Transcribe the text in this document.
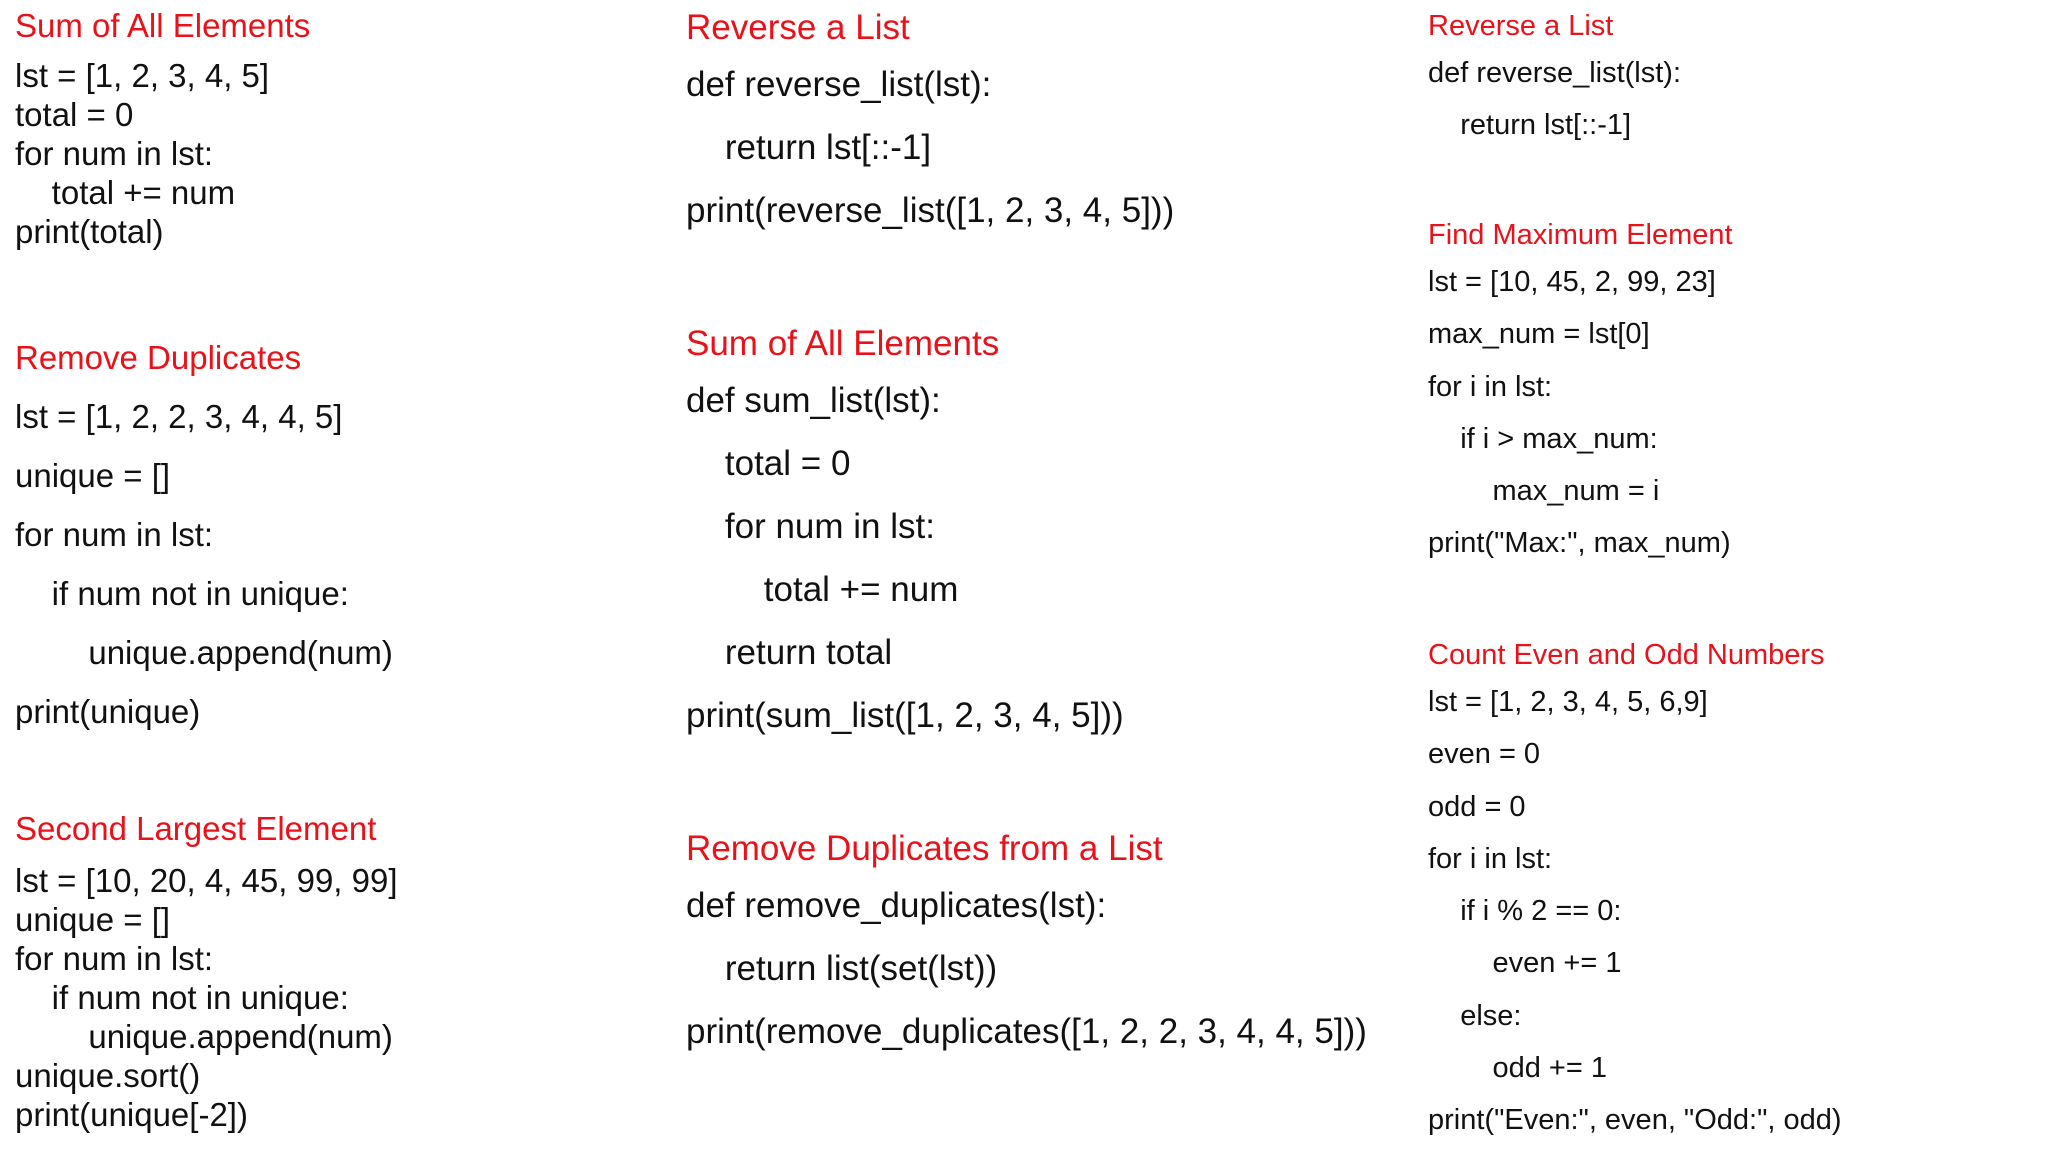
Sum of All Elements
lst = [1, 2, 3, 4, 5]
total = 0
for num in lst:
total += num
print(total)
Remove Duplicates
lst = [1, 2, 2, 3, 4, 4, 5]
unique = []
for num in lst:
if num not in unique:
unique.append(num)
print(unique)
Second Largest Element
lst = [10, 20, 4, 45, 99, 99]
unique = []
for num in lst:
if num not in unique:
unique.append(num)
unique.sort()
print(unique[-2])
Reverse a List
def reverse_list(lst):
return lst[::-1]
print(reverse_list([1, 2, 3, 4, 5]))
Sum of All Elements
def sum_list(lst):
total = 0
for num in lst:
total += num
return total
print(sum_list([1, 2, 3, 4, 5]))
Remove Duplicates from a List
def remove_duplicates(lst):
return list(set(lst))
print(remove_duplicates([1, 2, 2, 3, 4, 4, 5]))
Reverse a List
def reverse_list(lst):
return lst[::-1]
Find Maximum Element
lst = [10, 45, 2, 99, 23]
max_num = lst[0]
for i in lst:
if i > max_num:
max_num = i
print("Max:", max_num)
Count Even and Odd Numbers
lst = [1, 2, 3, 4, 5, 6,9]
even = 0
odd = 0
for i in lst:
if i % 2 == 0:
even += 1
else:
odd += 1
print("Even:", even, "Odd:", odd)
